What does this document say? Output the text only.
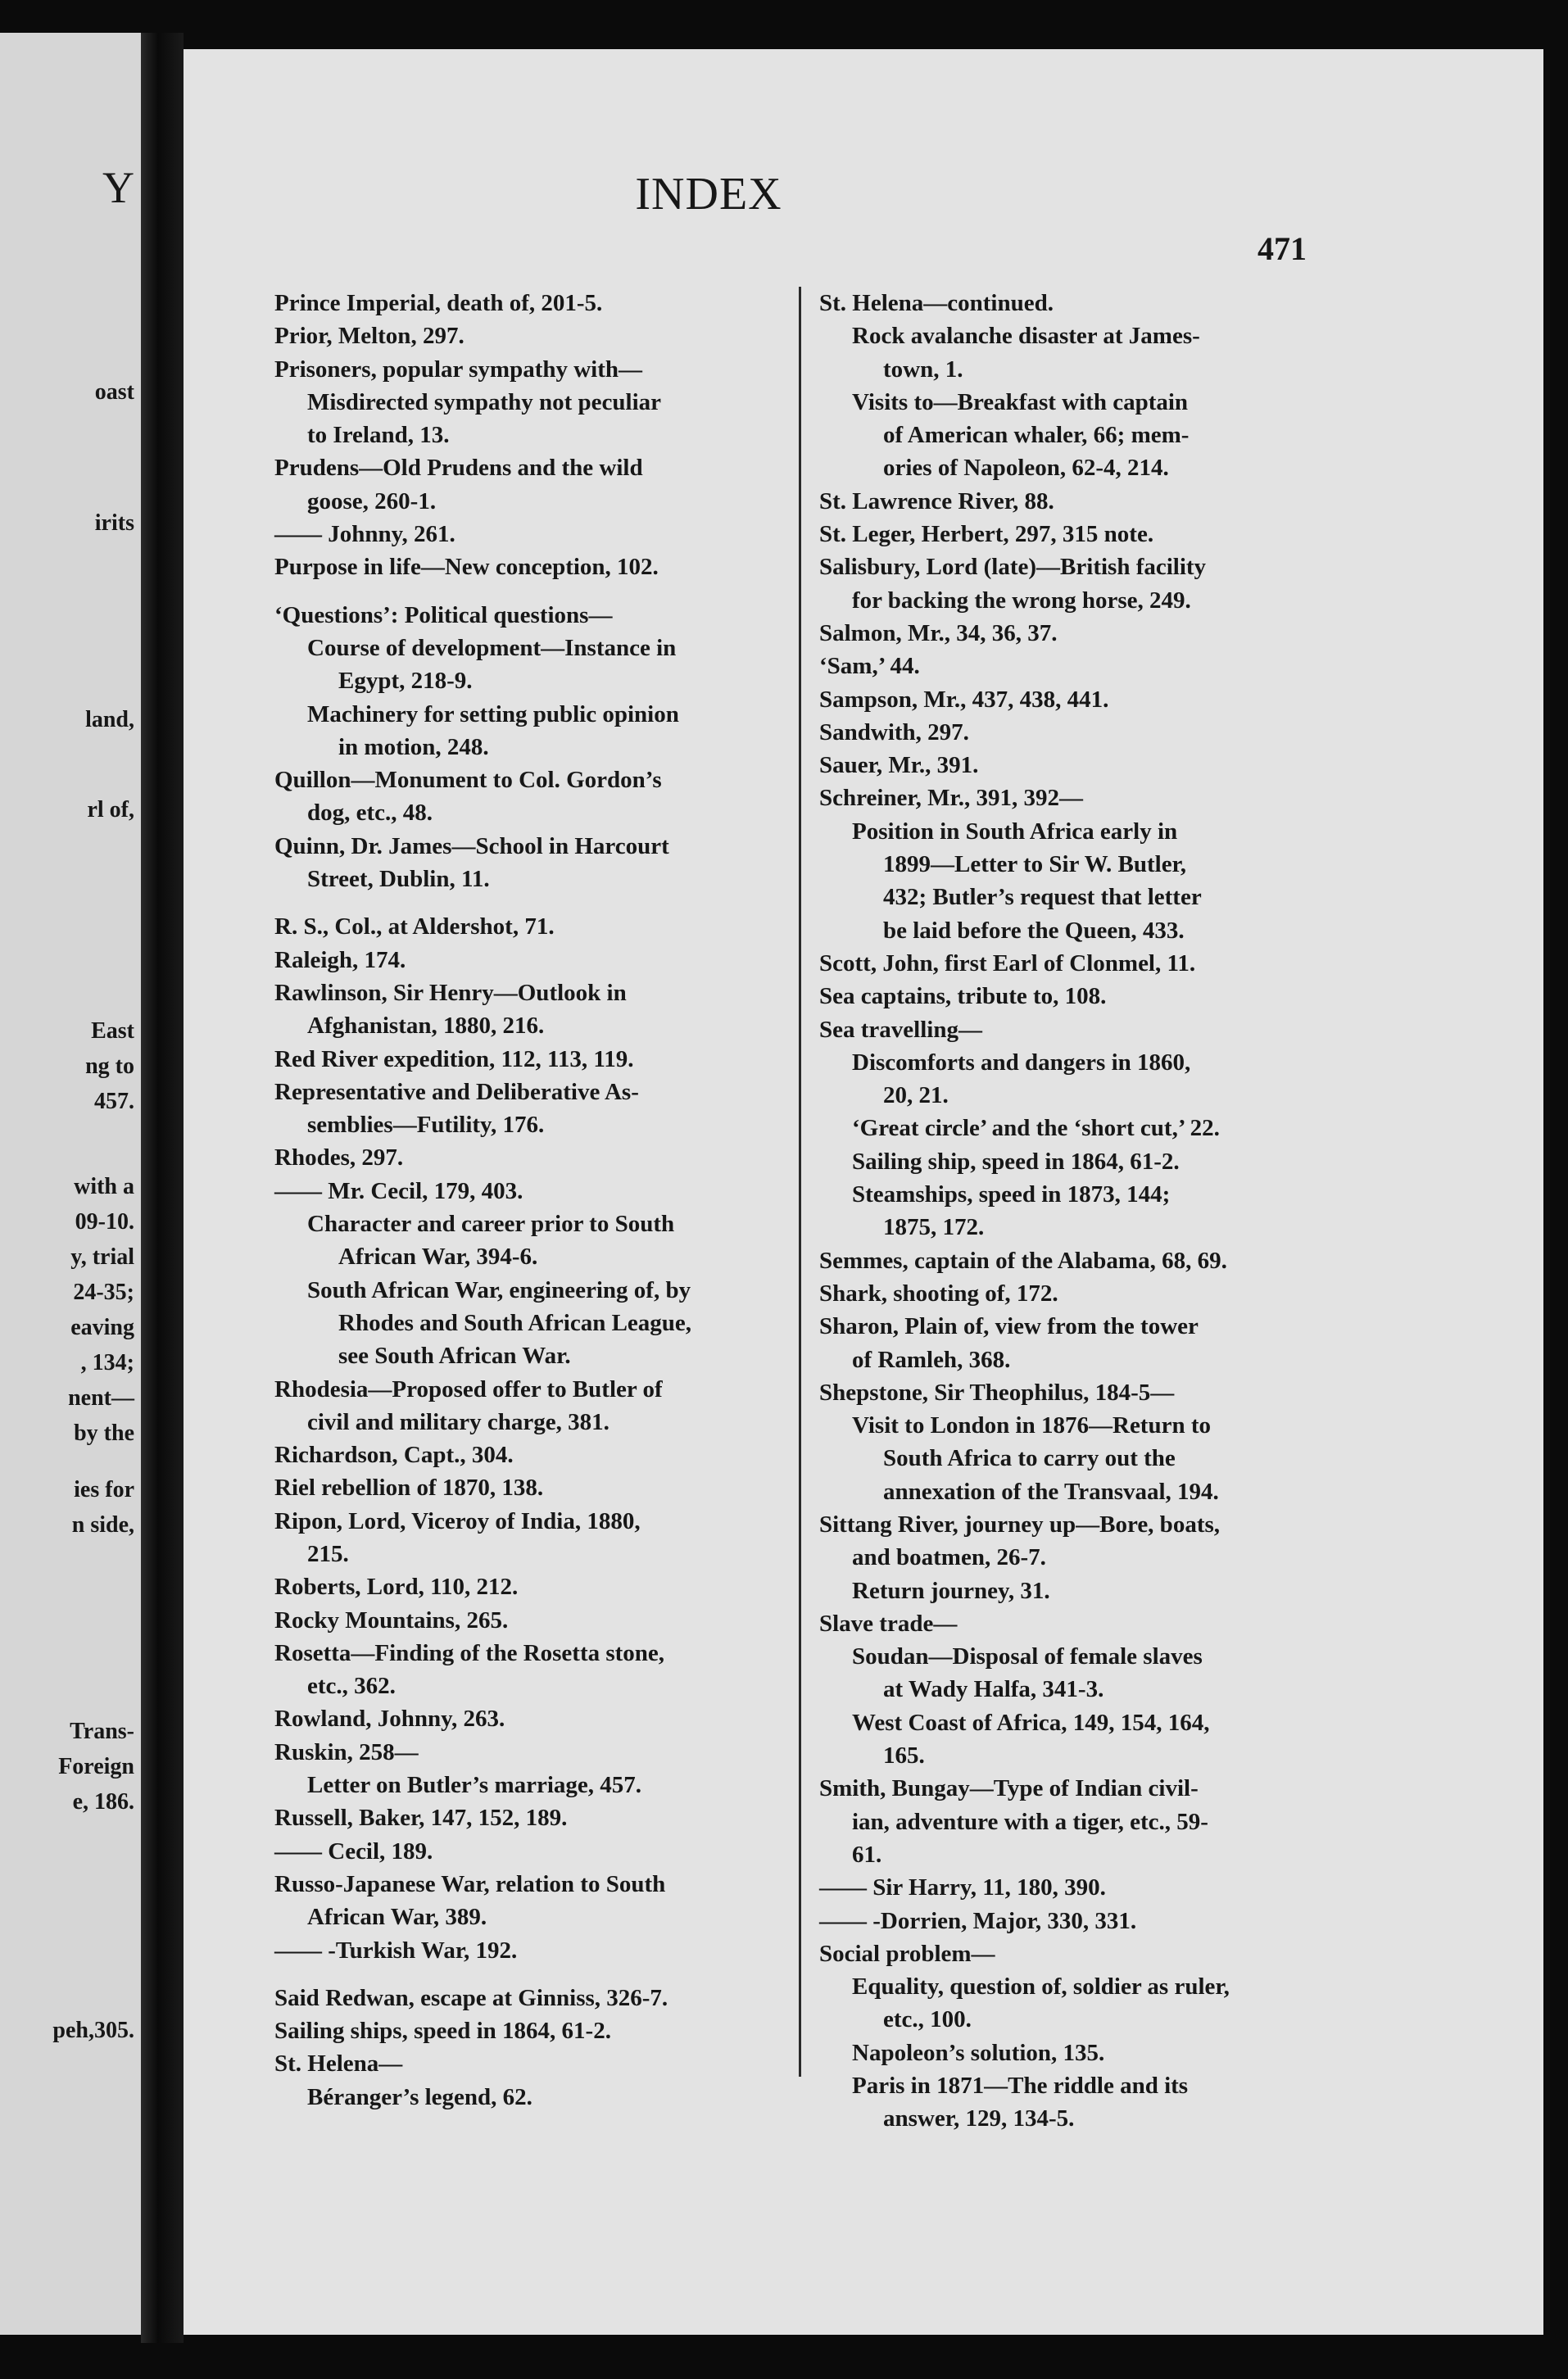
Y
oast
irits
land,
rl of,
East
ng to
457.
with a
09-10.
y, trial
24-35;
eaving
, 134;
nent—
by the
ies for
n side,
Trans-
Foreign
e, 186.
peh,305.
INDEX
471
Prince Imperial, death of, 201-5.
Prior, Melton, 297.
Prisoners, popular sympathy with—
Misdirected sympathy not peculiar
to Ireland, 13.
Prudens—Old Prudens and the wild
goose, 260-1.
—— Johnny, 261.
Purpose in life—New conception, 102.
‘Questions’: Political questions—
Course of development—Instance in
Egypt, 218-9.
Machinery for setting public opinion
in motion, 248.
Quillon—Monument to Col. Gordon’s
dog, etc., 48.
Quinn, Dr. James—School in Harcourt
Street, Dublin, 11.
R. S., Col., at Aldershot, 71.
Raleigh, 174.
Rawlinson, Sir Henry—Outlook in
Afghanistan, 1880, 216.
Red River expedition, 112, 113, 119.
Representative and Deliberative As-
semblies—Futility, 176.
Rhodes, 297.
—— Mr. Cecil, 179, 403.
Character and career prior to South
African War, 394-6.
South African War, engineering of, by
Rhodes and South African League,
see South African War.
Rhodesia—Proposed offer to Butler of
civil and military charge, 381.
Richardson, Capt., 304.
Riel rebellion of 1870, 138.
Ripon, Lord, Viceroy of India, 1880,
215.
Roberts, Lord, 110, 212.
Rocky Mountains, 265.
Rosetta—Finding of the Rosetta stone,
etc., 362.
Rowland, Johnny, 263.
Ruskin, 258—
Letter on Butler’s marriage, 457.
Russell, Baker, 147, 152, 189.
—— Cecil, 189.
Russo-Japanese War, relation to South
African War, 389.
—— -Turkish War, 192.
Said Redwan, escape at Ginniss, 326-7.
Sailing ships, speed in 1864, 61-2.
St. Helena—
Béranger’s legend, 62.
St. Helena—continued.
Rock avalanche disaster at James-
town, 1.
Visits to—Breakfast with captain
of American whaler, 66; mem-
ories of Napoleon, 62-4, 214.
St. Lawrence River, 88.
St. Leger, Herbert, 297, 315 note.
Salisbury, Lord (late)—British facility
for backing the wrong horse, 249.
Salmon, Mr., 34, 36, 37.
‘Sam,’ 44.
Sampson, Mr., 437, 438, 441.
Sandwith, 297.
Sauer, Mr., 391.
Schreiner, Mr., 391, 392—
Position in South Africa early in
1899—Letter to Sir W. Butler,
432; Butler’s request that letter
be laid before the Queen, 433.
Scott, John, first Earl of Clonmel, 11.
Sea captains, tribute to, 108.
Sea travelling—
Discomforts and dangers in 1860,
20, 21.
‘Great circle’ and the ‘short cut,’ 22.
Sailing ship, speed in 1864, 61-2.
Steamships, speed in 1873, 144;
1875, 172.
Semmes, captain of the Alabama, 68, 69.
Shark, shooting of, 172.
Sharon, Plain of, view from the tower
of Ramleh, 368.
Shepstone, Sir Theophilus, 184-5—
Visit to London in 1876—Return to
South Africa to carry out the
annexation of the Transvaal, 194.
Sittang River, journey up—Bore, boats,
and boatmen, 26-7.
Return journey, 31.
Slave trade—
Soudan—Disposal of female slaves
at Wady Halfa, 341-3.
West Coast of Africa, 149, 154, 164,
165.
Smith, Bungay—Type of Indian civil-
ian, adventure with a tiger, etc., 59-
61.
—— Sir Harry, 11, 180, 390.
—— -Dorrien, Major, 330, 331.
Social problem—
Equality, question of, soldier as ruler,
etc., 100.
Napoleon’s solution, 135.
Paris in 1871—The riddle and its
answer, 129, 134-5.
